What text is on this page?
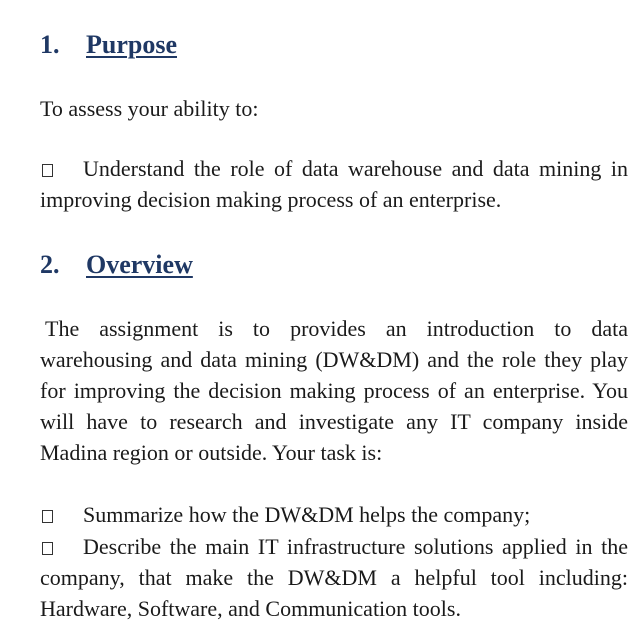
1. Purpose

To assess your ability to:

Understand the role of data warehouse and data mining in improving decision making process of an enterprise.

2. Overview

The assignment is to provides an introduction to data warehousing and data mining (DW&DM) and the role they play for improving the decision making process of an enterprise. You will have to research and investigate any IT company inside Madina region or outside. Your task is:

Summarize how the DW&DM helps the company;

Describe the main IT infrastructure solutions applied in the company, that make the DW&DM a helpful tool including: Hardware, Software, and Communication tools.
